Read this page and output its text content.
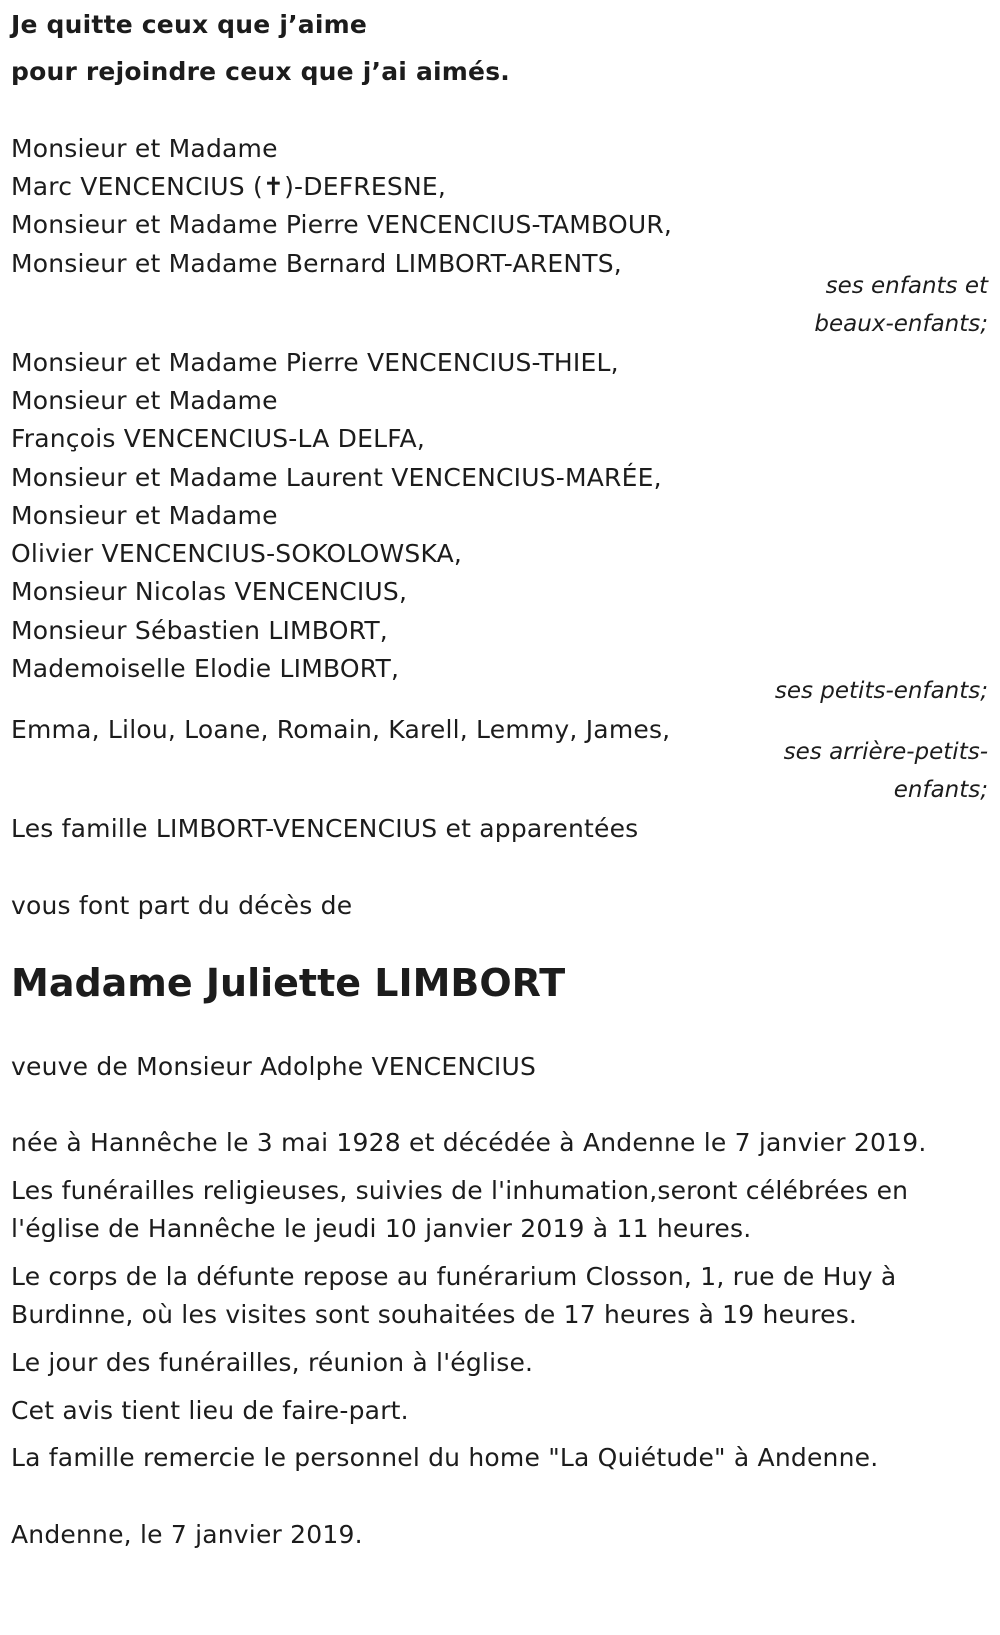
Je quitte ceux que j’aime
pour rejoindre ceux que j’ai aimés.
Monsieur et Madame
Marc VENCENCIUS (✝)-DEFRESNE,
Monsieur et Madame Pierre VENCENCIUS-TAMBOUR,
Monsieur et Madame Bernard LIMBORT-ARENTS,
ses enfants et
beaux-enfants;
Monsieur et Madame Pierre VENCENCIUS-THIEL,
Monsieur et Madame
François VENCENCIUS-LA DELFA,
Monsieur et Madame Laurent VENCENCIUS-MARÉE,
Monsieur et Madame
Olivier VENCENCIUS-SOKOLOWSKA,
Monsieur Nicolas VENCENCIUS,
Monsieur Sébastien LIMBORT,
Mademoiselle Elodie LIMBORT,
ses petits-enfants;
Emma, Lilou, Loane, Romain, Karell, Lemmy, James,
ses arrière-petits-
enfants;
Les famille LIMBORT-VENCENCIUS et apparentées
vous font part du décès de
Madame Juliette LIMBORT
veuve de Monsieur Adolphe VENCENCIUS
née à Hannêche le 3 mai 1928 et décédée à Andenne le 7 janvier 2019.
Les funérailles religieuses, suivies de l'inhumation,seront célébrées en
l'église de Hannêche le jeudi 10 janvier 2019 à 11 heures.
Le corps de la défunte repose au funérarium Closson, 1, rue de Huy à
Burdinne, où les visites sont souhaitées de 17 heures à 19 heures.
Le jour des funérailles, réunion à l'église.
Cet avis tient lieu de faire-part.
La famille remercie le personnel du home "La Quiétude" à Andenne.
Andenne, le 7 janvier 2019.
